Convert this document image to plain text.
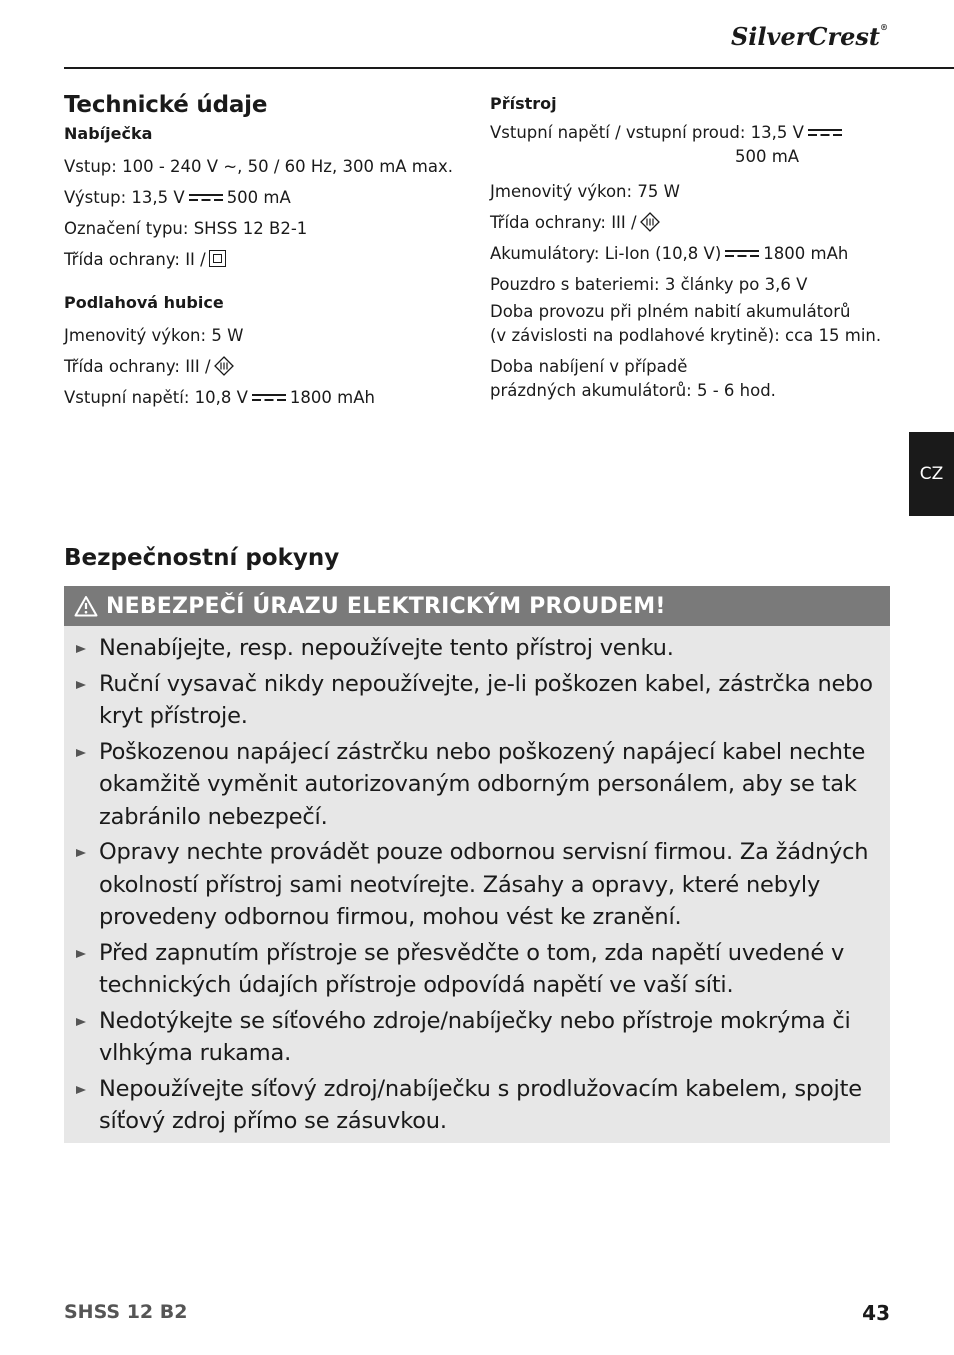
SilverCrest®
Technické údaje
Nabíječka
Vstup: 100 - 240 V ~, 50 / 60 Hz, 300 mA max.
Výstup: 13,5 V	500 mA
Označení typu: SHSS 12 B2-1
Třída ochrany: II /
Podlahová hubice
Jmenovitý výkon: 5 W
Třída ochrany: III /
Vstupní napětí: 10,8 V	1800 mAh
Přístroj
Vstupní napětí / vstupní proud: 13,5 V
500 mA
Jmenovitý výkon: 75 W
Třída ochrany: III /
Akumulátory: Li-Ion (10,8 V)	1800 mAh
Pouzdro s bateriemi: 3 články po 3,6 V
Doba provozu při plném nabití akumulátorů
(v závislosti na podlahové krytině): cca 15 min.
Doba nabíjení v případě
prázdných akumulátorů: 5 - 6 hod.
CZ
Bezpečnostní pokyny
NEBEZPEČÍ ÚRAZU ELEKTRICKÝM PROUDEM!
Nenabíjejte, resp. nepoužívejte tento přístroj venku.
Ruční vysavač nikdy nepoužívejte, je-li poškozen kabel, zástrčka nebo kryt přístroje.
Poškozenou napájecí zástrčku nebo poškozený napájecí kabel nechte okamžitě vyměnit autorizovaným odborným personálem, aby se tak zabránilo nebezpečí.
Opravy nechte provádět pouze odbornou servisní firmou. Za žádných okolností přístroj sami neotvírejte. Zásahy a opravy, které nebyly provedeny odbornou firmou, mohou vést ke zranění.
Před zapnutím přístroje se přesvědčte o tom, zda napětí uvedené v technických údajích přístroje odpovídá napětí ve vaší síti.
Nedotýkejte se síťového zdroje/nabíječky nebo přístroje mokrýma či vlhkýma rukama.
Nepoužívejte síťový zdroj/nabíječku s prodlužovacím kabelem, spojte síťový zdroj přímo se zásuvkou.
SHSS 12 B2	43
